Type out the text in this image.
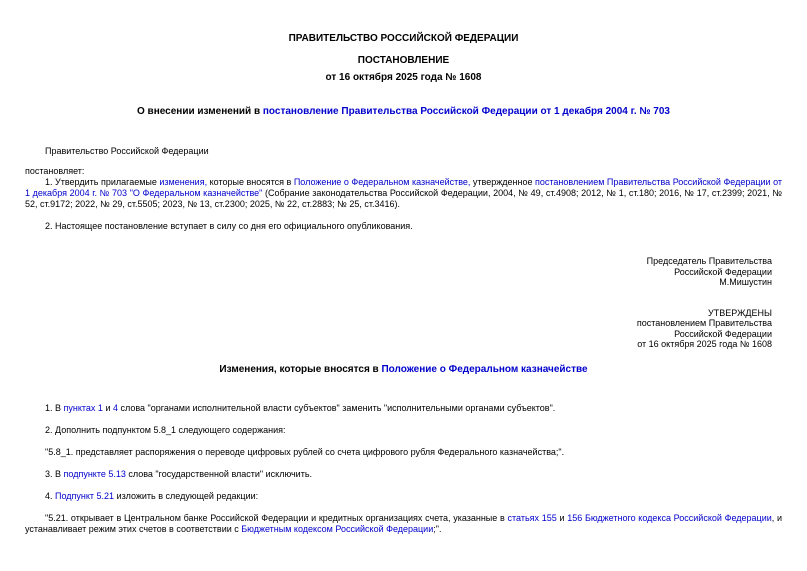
ПРАВИТЕЛЬСТВО РОССИЙСКОЙ ФЕДЕРАЦИИ
ПОСТАНОВЛЕНИЕ
от 16 октября 2025 года № 1608
О внесении изменений в постановление Правительства Российской Федерации от 1 декабря 2004 г. № 703
Правительство Российской Федерации
постановляет:
1. Утвердить прилагаемые изменения, которые вносятся в Положение о Федеральном казначействе, утвержденное постановлением Правительства Российской Федерации от 1 декабря 2004 г. № 703 "О Федеральном казначействе" (Собрание законодательства Российской Федерации, 2004, № 49, ст.4908; 2012, № 1, ст.180; 2016, № 17, ст.2399; 2021, № 52, ст.9172; 2022, № 29, ст.5505; 2023, № 13, ст.2300; 2025, № 22, ст.2883; № 25, ст.3416).
2. Настоящее постановление вступает в силу со дня его официального опубликования.
Председатель Правительства
Российской Федерации
М.Мишустин
УТВЕРЖДЕНЫ
постановлением Правительства
Российской Федерации
от 16 октября 2025 года № 1608
Изменения, которые вносятся в Положение о Федеральном казначействе
1. В пунктах 1 и 4 слова "органами исполнительной власти субъектов" заменить "исполнительными органами субъектов".
2. Дополнить подпунктом 5.8_1 следующего содержания:
"5.8_1. представляет распоряжения о переводе цифровых рублей со счета цифрового рубля Федерального казначейства;".
3. В подпункте 5.13 слова "государственной власти" исключить.
4. Подпункт 5.21 изложить в следующей редакции:
"5.21. открывает в Центральном банке Российской Федерации и кредитных организациях счета, указанные в статьях 155 и 156 Бюджетного кодекса Российской Федерации, и устанавливает режим этих счетов в соответствии с Бюджетным кодексом Российской Федерации;".
